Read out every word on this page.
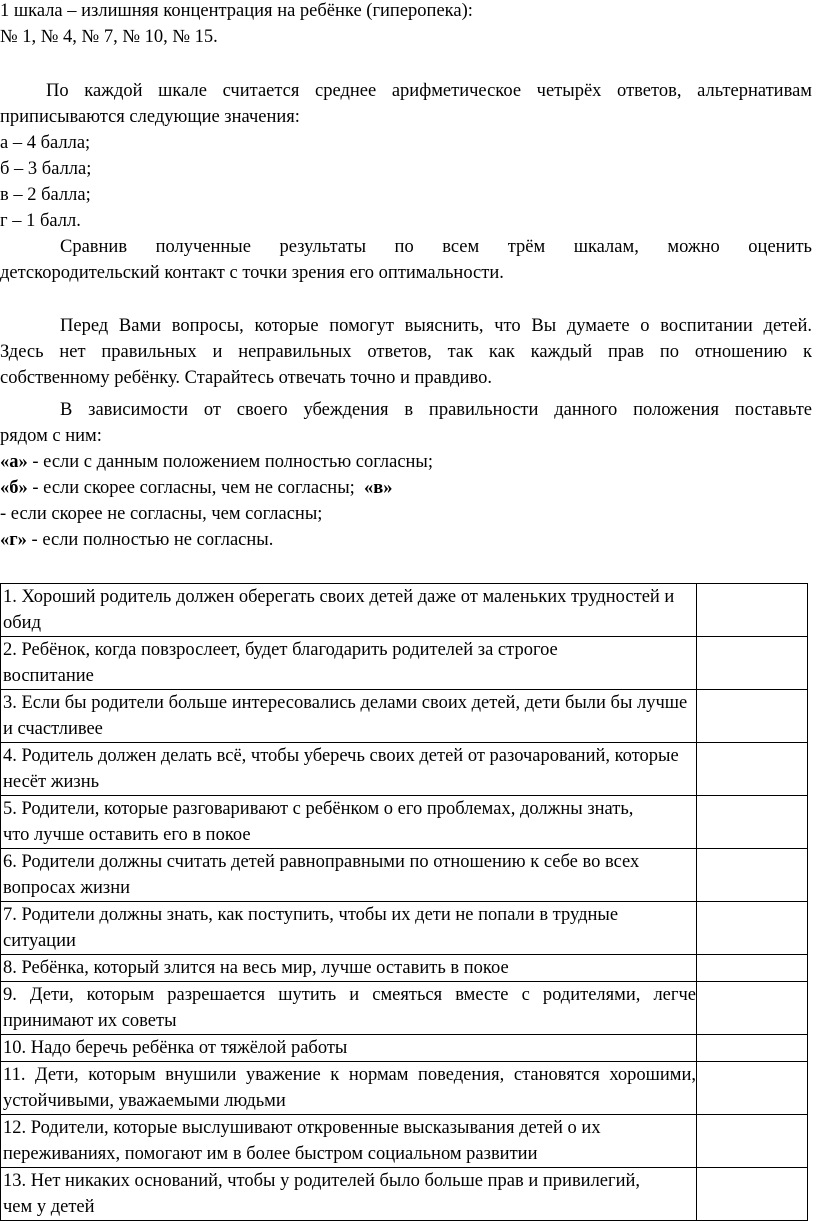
1 шкала – излишняя концентрация на ребёнке (гиперопека):
№ 1, № 4, № 7, № 10, № 15.
По каждой шкале считается среднее арифметическое четырёх ответов, альтернативам
приписываются следующие значения:
а – 4 балла;
б – 3 балла;
в – 2 балла;
г – 1 балл.
Сравнив полученные результаты по всем трём шкалам, можно оценить
детскородительский контакт с точки зрения его оптимальности.
Перед Вами вопросы, которые помогут выяснить, что Вы думаете о воспитании детей.
Здесь нет правильных и неправильных ответов, так как каждый прав по отношению к
собственному ребёнку. Старайтесь отвечать точно и правдиво.
В зависимости от своего убеждения в правильности данного положения поставьте
рядом с ним:
«а» - если с данным положением полностью согласны;
«б» - если скорее согласны, чем не согласны;  «в»
- если скорее не согласны, чем согласны;
«г» - если полностью не согласны.
1. Хороший родитель должен оберегать своих детей даже от маленьких трудностей и обид	
2. Ребёнок, когда повзрослеет, будет благодарить родителей за строгое воспитание	
3. Если бы родители больше интересовались делами своих детей, дети были бы лучше и счастливее	
4. Родитель должен делать всё, чтобы уберечь своих детей от разочарований, которые несёт жизнь	
5. Родители, которые разговаривают с ребёнком о его проблемах, должны знать, что лучше оставить его в покое	
6. Родители должны считать детей равноправными по отношению к себе во всех вопросах жизни	
7. Родители должны знать, как поступить, чтобы их дети не попали в трудные ситуации	
8. Ребёнка, который злится на весь мир, лучше оставить в покое	
9. Дети, которым разрешается шутить и смеяться вместе с родителями, легче принимают их советы	
10. Надо беречь ребёнка от тяжёлой работы	
11. Дети, которым внушили уважение к нормам поведения, становятся хорошими, устойчивыми, уважаемыми людьми	
12. Родители, которые выслушивают откровенные высказывания детей о их переживаниях, помогают им в более быстром социальном развитии	
13. Нет никаких оснований, чтобы у родителей было больше прав и привилегий, чем у детей	
